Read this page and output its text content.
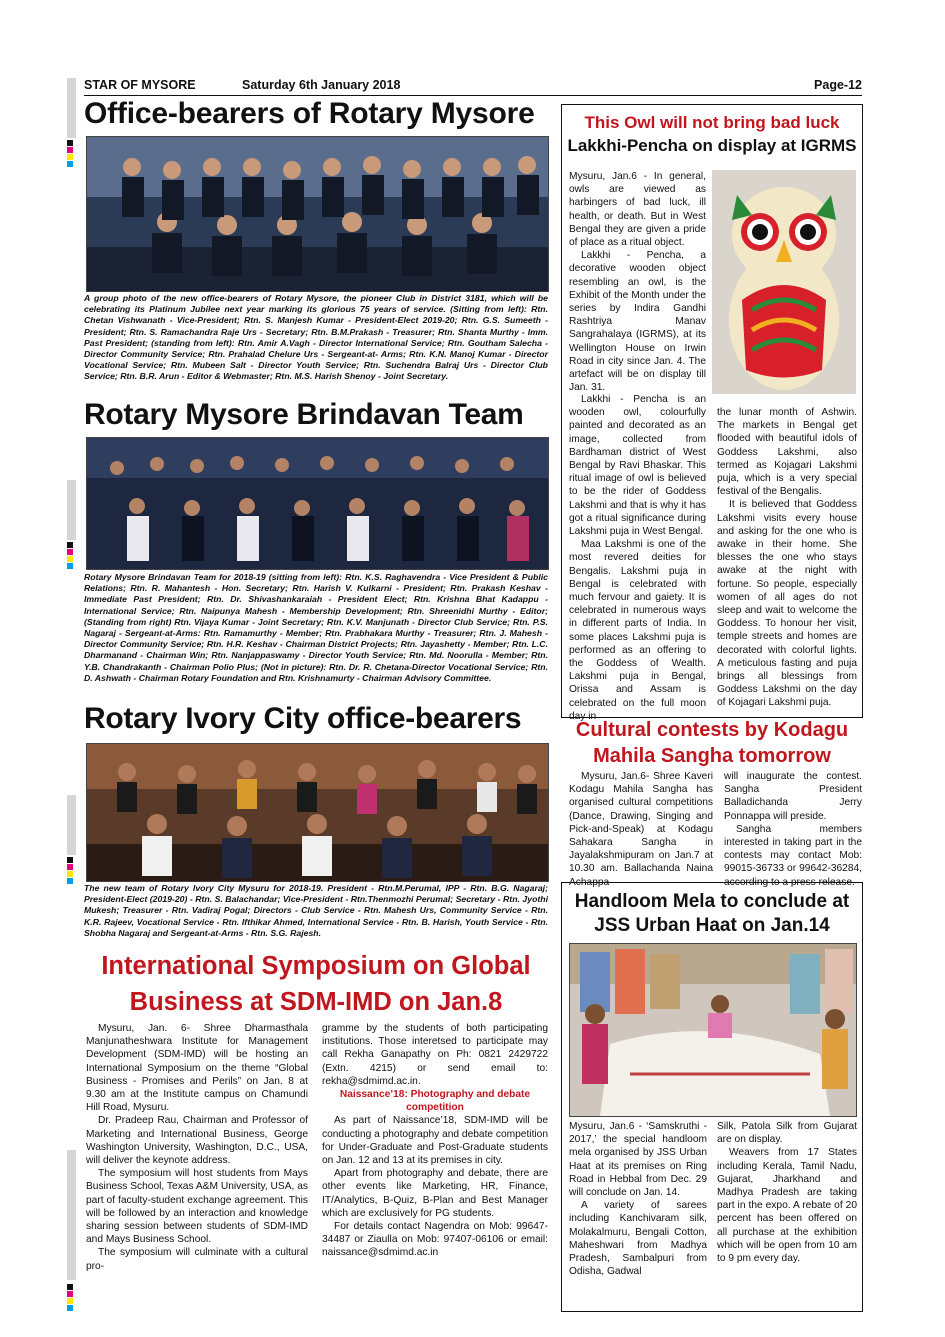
STAR OF MYSORE	Saturday 6th January 2018	Page-12
Office-bearers of Rotary Mysore
A group photo of the new office-bearers of Rotary Mysore, the pioneer Club in District 3181, which will be celebrating its Platinum Jubilee next year marking its glorious 75 years of service. (Sitting from left): Rtn. Chetan Vishwanath - Vice-President; Rtn. S. Manjesh Kumar - President-Elect 2019-20; Rtn. G.S. Sumeeth - President; Rtn. S. Ramachandra Raje Urs - Secretary; Rtn. B.M.Prakash - Treasurer; Rtn. Shanta Murthy - Imm. Past President; (standing from left): Rtn. Amir A.Vagh - Director International Service; Rtn. Goutham Salecha - Director Community Service; Rtn. Prahalad Chelure Urs - Sergeant-at- Arms; Rtn. K.N. Manoj Kumar - Director Vocational Service; Rtn. Mubeen Salt - Director Youth Service; Rtn. Suchendra Balraj Urs - Director Club Service; Rtn. B.R. Arun - Editor & Webmaster; Rtn. M.S. Harish Shenoy - Joint Secretary.
Rotary Mysore Brindavan Team
Rotary Mysore Brindavan Team for 2018-19 (sitting from left): Rtn. K.S. Raghavendra - Vice President & Public Relations; Rtn. R. Mahantesh - Hon. Secretary; Rtn. Harish V. Kulkarni - President; Rtn. Prakash Keshav - Immediate Past President; Rtn. Dr. Shivashankaraiah - President Elect; Rtn. Krishna Bhat Kadappu - International Service; Rtn. Naipunya Mahesh - Membership Development; Rtn. Shreenidhi Murthy - Editor; (Standing from right) Rtn. Vijaya Kumar - Joint Secretary; Rtn. K.V. Manjunath - Director Club Service; Rtn. P.S. Nagaraj - Sergeant-at-Arms: Rtn. Ramamurthy - Member; Rtn. Prabhakara Murthy - Treasurer; Rtn. J. Mahesh - Director Community Service; Rtn. H.R. Keshav - Chairman District Projects; Rtn. Jayashetty - Member; Rtn. L.C. Dharmanand - Chairman Win; Rtn. Nanjappaswamy - Director Youth Service; Rtn. Md. Noorulla - Member; Rtn. Y.B. Chandrakanth - Chairman Polio Plus; (Not in picture): Rtn. Dr. R. Chetana-Director Vocational Service; Rtn. D. Ashwath - Chairman Rotary Foundation and Rtn. Krishnamurty - Chairman Advisory Committee.
Rotary Ivory City office-bearers
The new team of Rotary Ivory City Mysuru for 2018-19. President - Rtn.M.Perumal, IPP - Rtn. B.G. Nagaraj; President-Elect (2019-20) - Rtn. S. Balachandar; Vice-President - Rtn.Thenmozhi Perumal; Secretary - Rtn. Jyothi Mukesh; Treasurer - Rtn. Vadiraj Pogal; Directors - Club Service - Rtn. Mahesh Urs, Community Service - Rtn. K.R. Rajeev, Vocational Service - Rtn. Ifthikar Ahmed, International Service - Rtn. B. Harish, Youth Service - Rtn. Shobha Nagaraj and Sergeant-at-Arms - Rtn. S.G. Rajesh.
International Symposium on Global
Business at SDM-IMD on Jan.8

Mysuru, Jan. 6- Shree Dharmasthala Manjunatheshwara Institute for Management Development (SDM-IMD) will be hosting an International Symposium on the theme “Global Business - Promises and Perils” on Jan. 8 at 9.30 am at the Institute campus on Chamundi Hill Road, Mysuru.

Dr. Pradeep Rau, Chairman and Professor of Marketing and International Business, George Washington University, Washington, D.C., USA, will deliver the keynote address.

The symposium will host students from Mays Business School, Texas A&M University, USA, as part of faculty-student exchange agreement. This will be followed by an interaction and knowledge sharing session between students of SDM-IMD and Mays Business School.

The symposium will culminate with a cultural pro-

gramme by the students of both participating institutions. Those interetsed to participate may call Rekha Ganapathy on Ph: 0821 2429722 (Extn. 4215) or send email to: rekha@sdmimd.ac.in.

Naissance’18: Photography and debate competition

As part of Naissance’18, SDM-IMD will be conducting a photography and debate competition for Under-Graduate and Post-Graduate students on Jan. 12 and 13 at its premises in city.

Apart from photography and debate, there are other events like Marketing, HR, Finance, IT/Analytics, B-Quiz, B-Plan and Best Manager which are exclusively for PG students.

For details contact Nagendra on Mob: 99647-34487 or Ziaulla on Mob: 97407-06106 or email: naissance@sdmimd.ac.in

This Owl will not bring bad luck
Lakkhi-Pencha on display at IGRMS

Mysuru, Jan.6 - In general, owls are viewed as harbingers of bad luck, ill health, or death. But in West Bengal they are given a pride of place as a ritual object.

Lakkhi - Pencha, a decorative wooden object resembling an owl, is the Exhibit of the Month under the series by Indira Gandhi Rashtriya Manav Sangrahalaya (IGRMS), at its Wellington House on Irwin Road in city since Jan. 4. The artefact will be on display till Jan. 31.

Lakkhi - Pencha is an wooden owl, colourfully painted and decorated as an image, collected from Bardhaman district of West Bengal by Ravi Bhaskar. This ritual image of owl is believed to be the rider of Goddess Lakshmi and that is why it has got a ritual significance during Lakshmi puja in West Bengal.

Maa Lakshmi is one of the most revered deities for Bengalis. Lakshmi puja in Bengal is celebrated with much fervour and gaiety. It is celebrated in numerous ways in different parts of India. In some places Lakshmi puja is performed as an offering to the Goddess of Wealth. Lakshmi puja in Bengal, Orissa and Assam is celebrated on the full moon day in

the lunar month of Ashwin. The markets in Bengal get flooded with beautiful idols of Goddess Lakshmi, also termed as Kojagari Lakshmi puja, which is a very special festival of the Bengalis.

It is believed that Goddess Lakshmi visits every house and asking for the one who is awake in their home. She blesses the one who stays awake at the night with fortune. So people, especially women of all ages do not sleep and wait to welcome the Goddess. To honour her visit, temple streets and homes are decorated with colorful lights. A meticulous fasting and puja brings all blessings from Goddess Lakshmi on the day of Kojagari Lakshmi puja.

Cultural contests by Kodagu
Mahila Sangha tomorrow

Mysuru, Jan.6- Shree Kaveri Kodagu Mahila Sangha has organised cultural competitions (Dance, Drawing, Singing and Pick-and-Speak) at Kodagu Sahakara Sangha in Jayalakshmipuram on Jan.7 at 10.30 am. Ballachanda Naina Achappa

will inaugurate the contest. Sangha President Balladichanda Jerry Ponnappa will preside.

Sangha members interested in taking part in the contests may contact Mob: 99015-36733 or 99642-36284, according to a press release.

Handloom Mela to conclude at
JSS Urban Haat on Jan.14

Mysuru, Jan.6 - ‘Samskruthi - 2017,’ the special handloom mela organised by JSS Urban Haat at its premises on Ring Road in Hebbal from Dec. 29 will conclude on Jan. 14.

A variety of sarees including Kanchivaram silk, Molakalmuru, Bengali Cotton, Maheshwari from Madhya Pradesh, Sambalpuri from Odisha, Gadwal

Silk, Patola Silk from Gujarat are on display.

Weavers from 17 States including Kerala, Tamil Nadu, Gujarat, Jharkhand and Madhya Pradesh are taking part in the expo. A rebate of 20 percent has been offered on all purchase at the exhibition which will be open from 10 am to 9 pm every day.
